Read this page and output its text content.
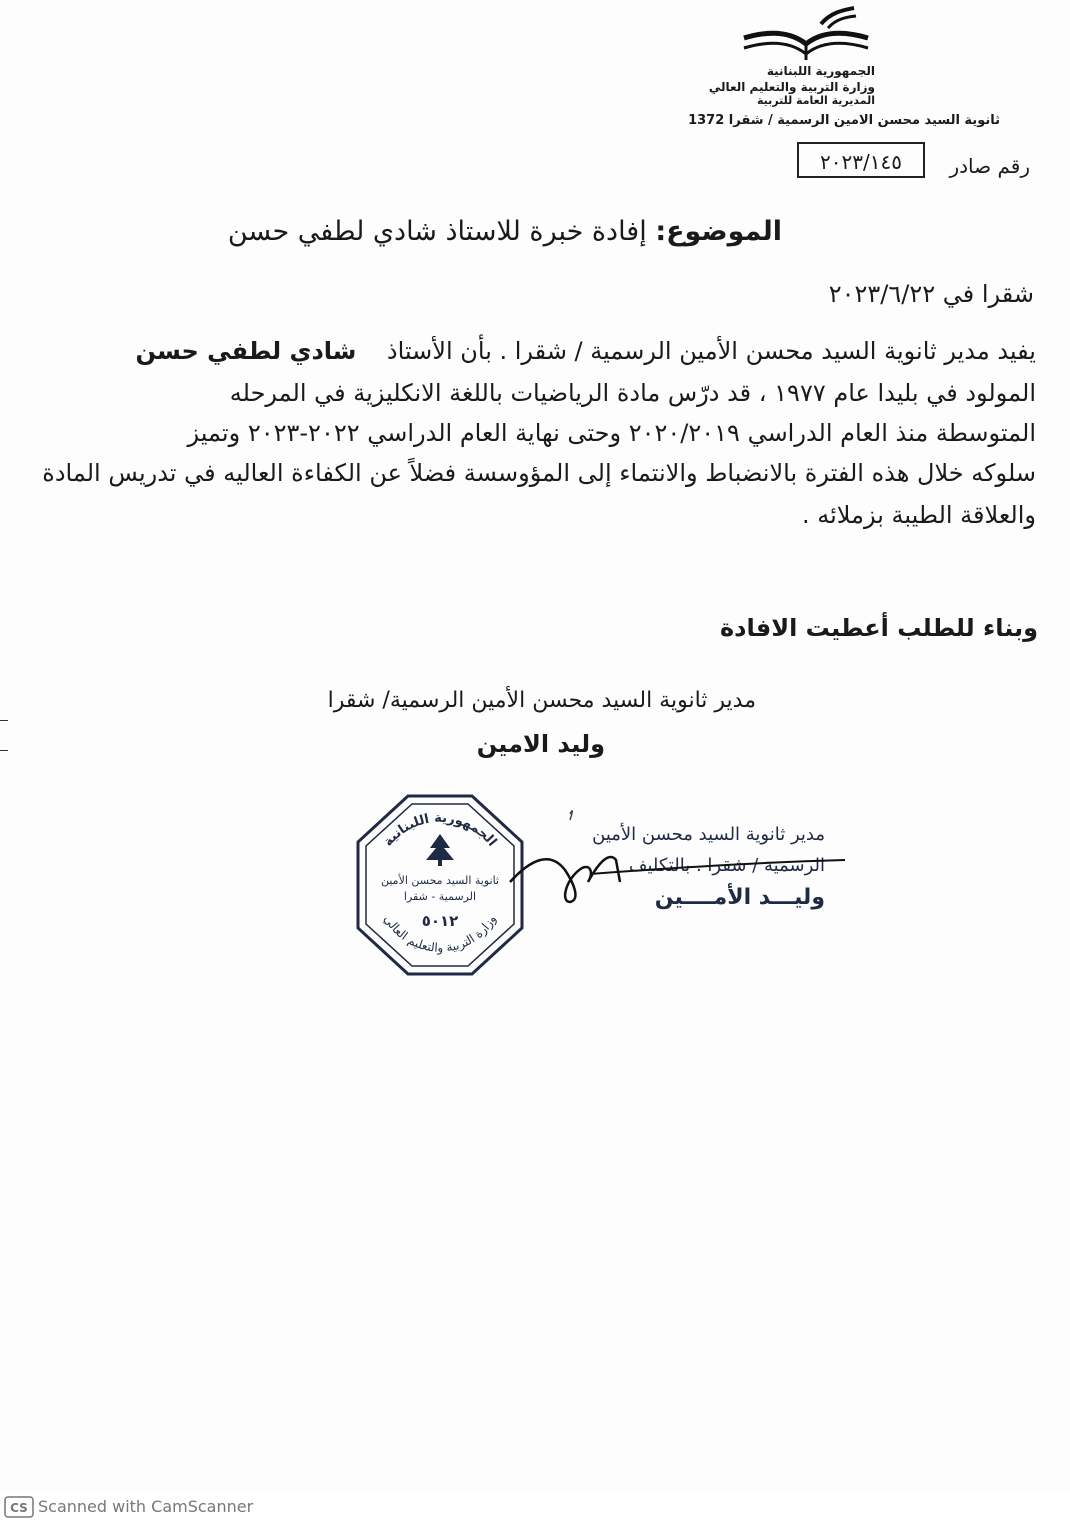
الجمهورية اللبنانية
وزارة التربية والتعليم العالي
المديرية العامة للتربية
ثانوية السيد محسن الامين الرسمية / شقرا 1372
رقم صادر
٢٠٢٣/١٤٥
الموضوع: إفادة خبرة للاستاذ شادي لطفي حسن
شقرا في ٢٠٢٣/٦/٢٢
يفيد مدير ثانوية السيد محسن الأمين الرسمية / شقرا . بأن الأستاذ    شادي لطفي حسن
المولود في بليدا عام ١٩٧٧ ، قد درّس مادة الرياضيات باللغة الانكليزية في المرحله
المتوسطة منذ العام الدراسي ٢٠٢٠/٢٠١٩ وحتى نهاية العام الدراسي ٢٠٢٢-٢٠٢٣ وتميز
سلوكه خلال هذه الفترة بالانضباط والانتماء إلى المؤوسسة فضلاً عن الكفاءة العاليه في تدريس المادة
والعلاقة الطيبة بزملائه .
وبناء للطلب أعطيت الافادة
مدير ثانوية السيد محسن الأمين الرسمية/ شقرا
وليد الامين
الجمهورية اللبنانية
ثانوية السيد محسن الأمين
الرسمية - شقرا
٥٠١٢
وزارة التربية والتعليم العالي
مدير ثانوية السيد محسن الأمين
الرسمية / شقرا . بالتكليف
وليـــد الأمــــين
CS Scanned with CamScanner
